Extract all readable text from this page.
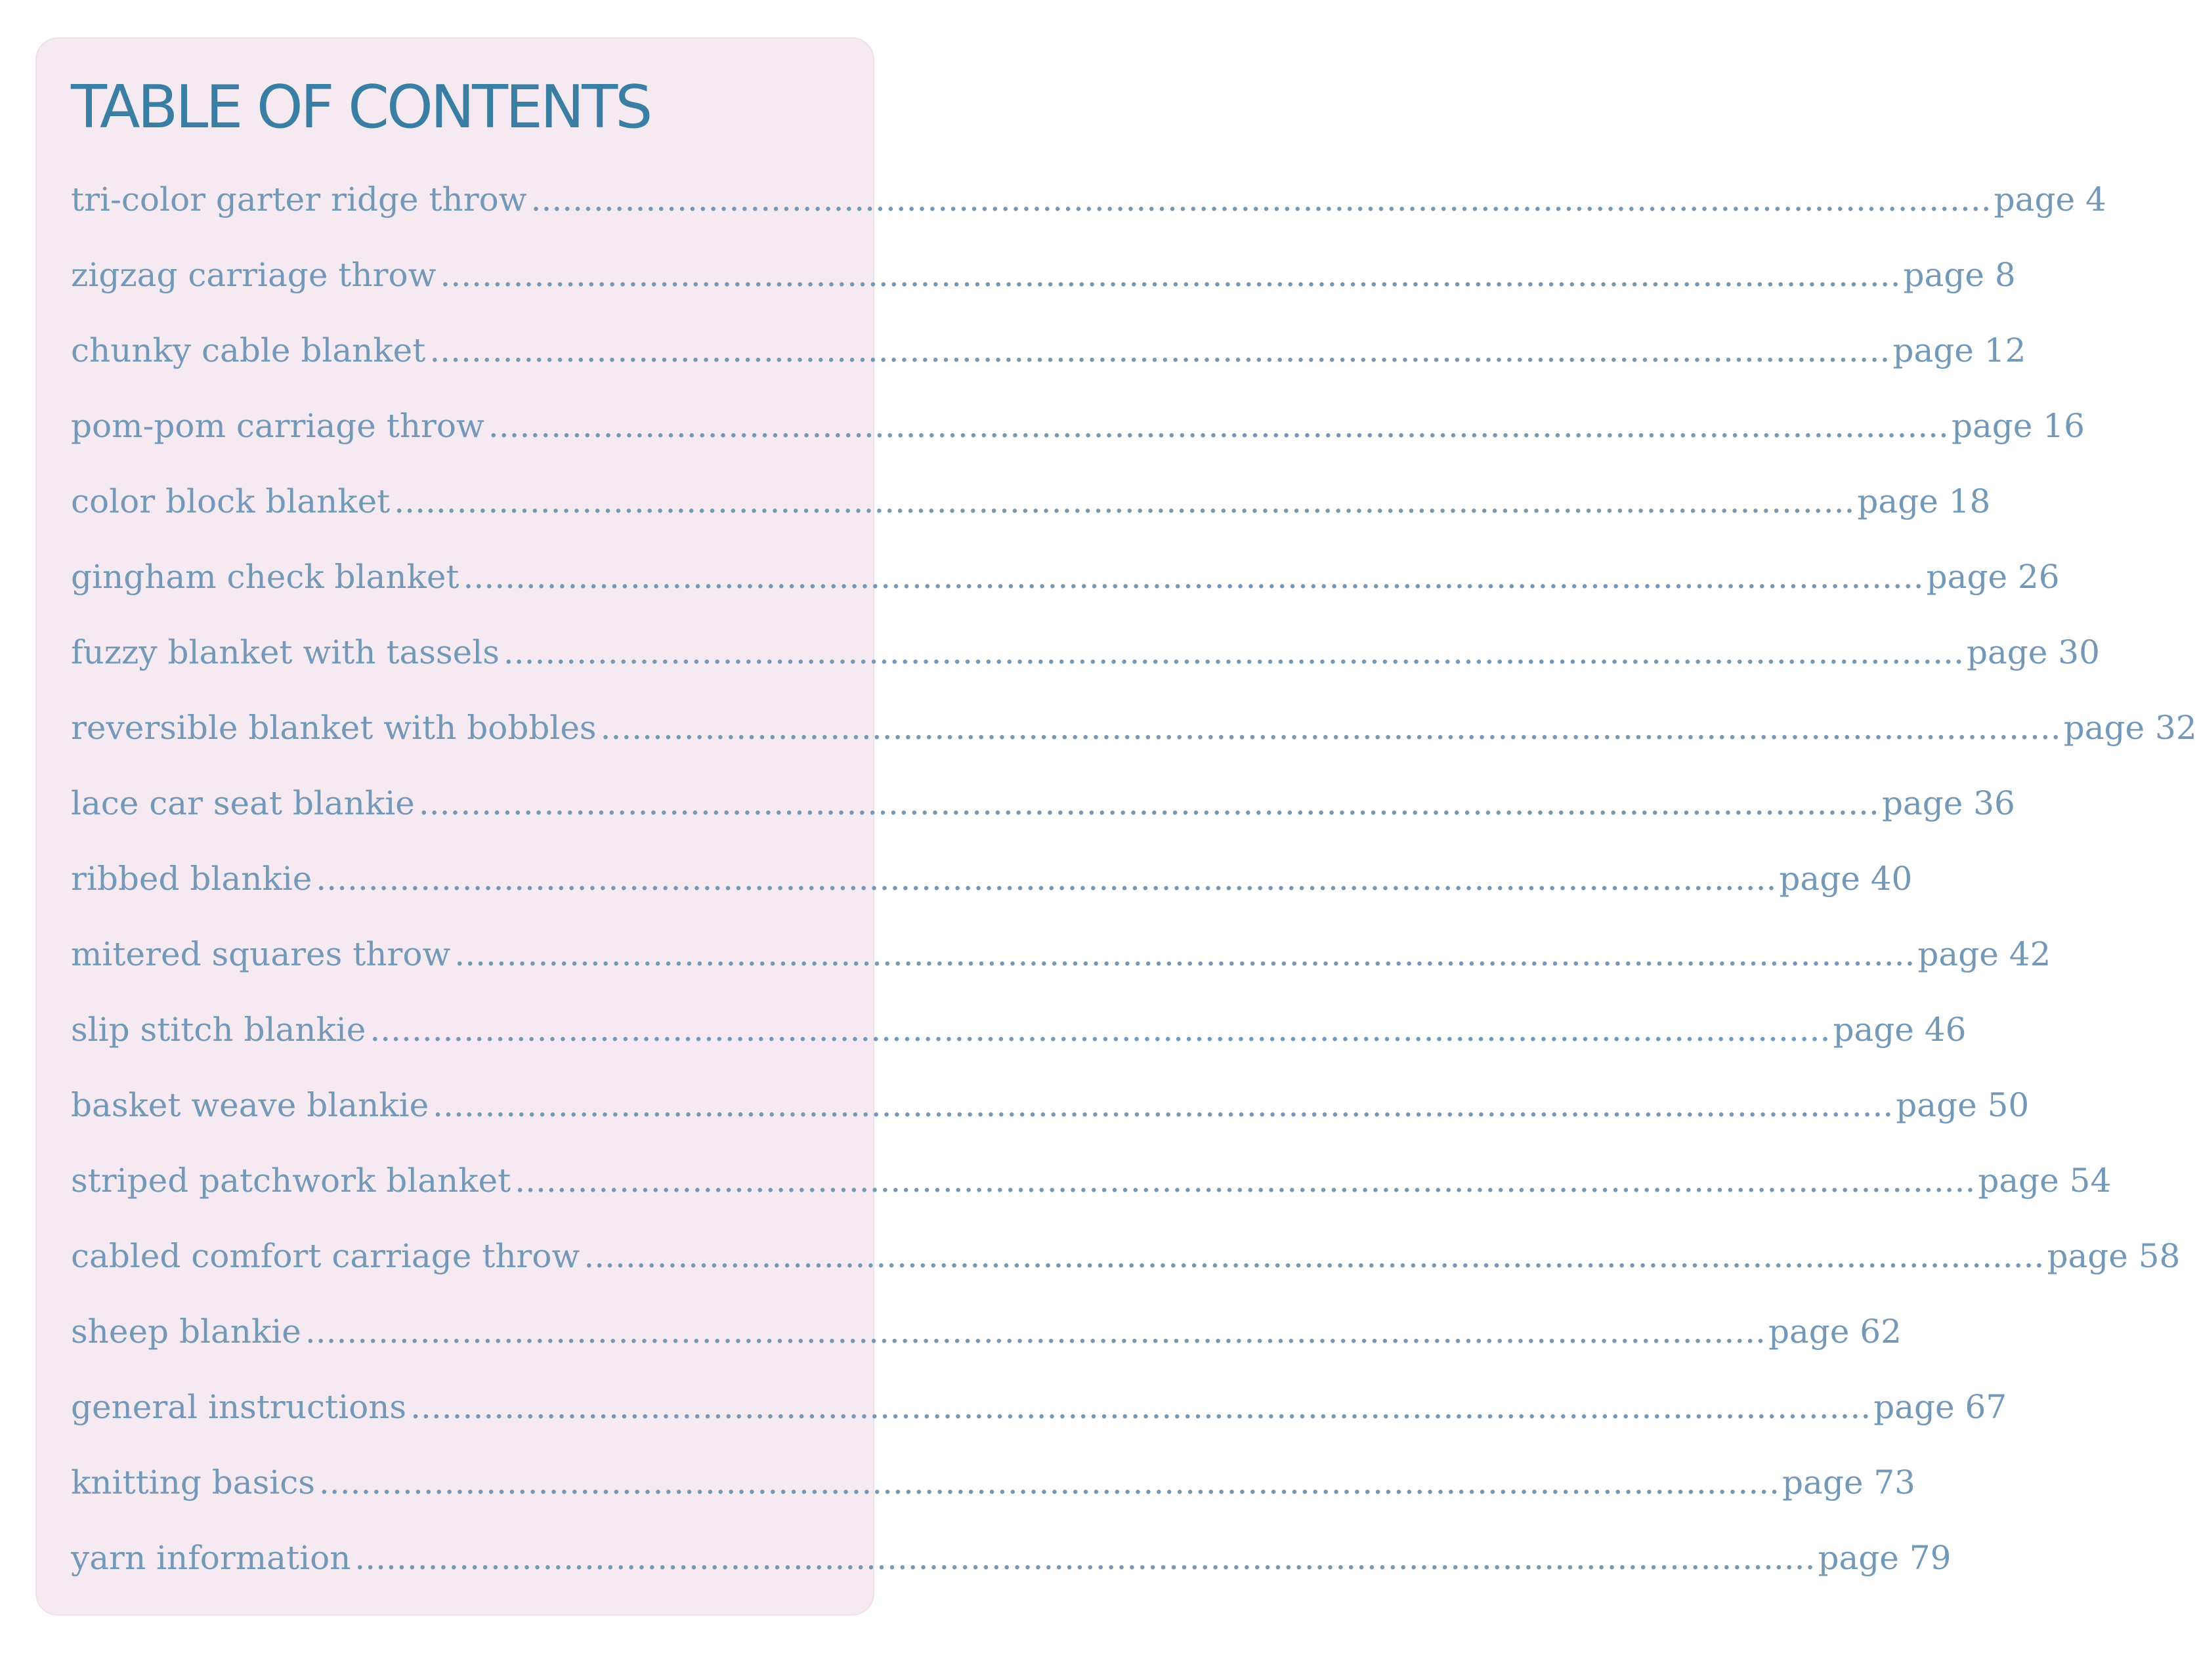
TABLE OF CONTENTS
tri-color garter ridge throw ............................................................................................................................................ page 4
zigzag carriage throw ............................................................................................................................................ page 8
chunky cable blanket ............................................................................................................................................ page 12
pom-pom carriage throw ............................................................................................................................................ page 16
color block blanket ............................................................................................................................................ page 18
gingham check blanket ............................................................................................................................................ page 26
fuzzy blanket with tassels ............................................................................................................................................ page 30
reversible blanket with bobbles ............................................................................................................................................ page 32
lace car seat blankie ............................................................................................................................................ page 36
ribbed blankie ............................................................................................................................................ page 40
mitered squares throw ............................................................................................................................................ page 42
slip stitch blankie ............................................................................................................................................ page 46
basket weave blankie ............................................................................................................................................ page 50
striped patchwork blanket ............................................................................................................................................ page 54
cabled comfort carriage throw ............................................................................................................................................ page 58
sheep blankie ............................................................................................................................................ page 62
general instructions ............................................................................................................................................ page 67
knitting basics ............................................................................................................................................ page 73
yarn information ............................................................................................................................................ page 79
